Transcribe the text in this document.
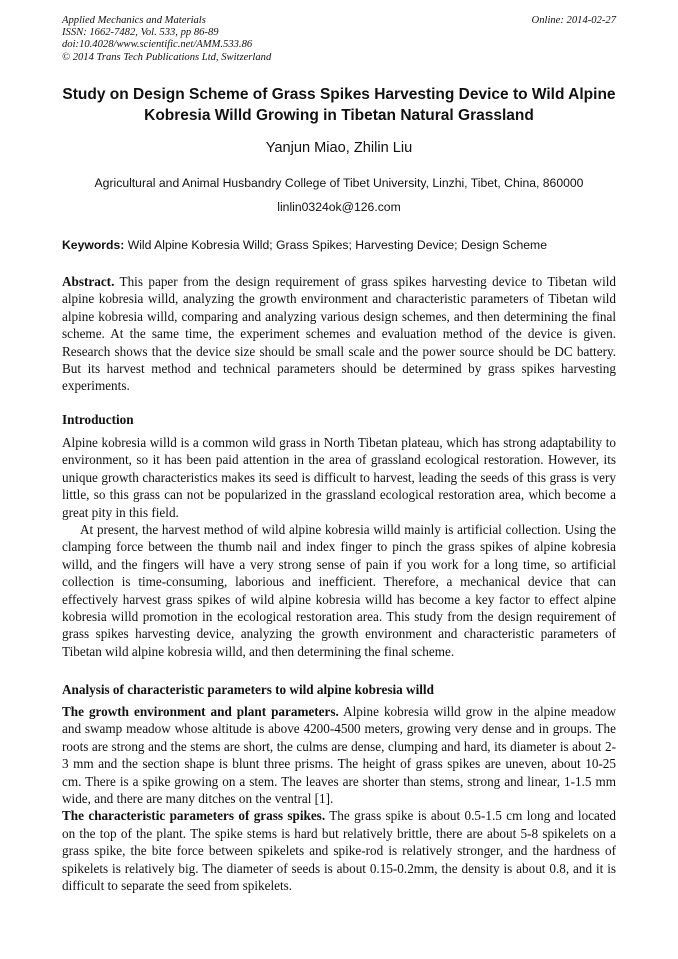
Applied Mechanics and Materials
ISSN: 1662-7482, Vol. 533, pp 86-89
doi:10.4028/www.scientific.net/AMM.533.86
© 2014 Trans Tech Publications Ltd, Switzerland
Online: 2014-02-27
Study on Design Scheme of Grass Spikes Harvesting Device to Wild Alpine Kobresia Willd Growing in Tibetan Natural Grassland
Yanjun Miao, Zhilin Liu
Agricultural and Animal Husbandry College of Tibet University, Linzhi, Tibet, China, 860000
linlin0324ok@126.com
Keywords: Wild Alpine Kobresia Willd; Grass Spikes; Harvesting Device; Design Scheme
Abstract. This paper from the design requirement of grass spikes harvesting device to Tibetan wild alpine kobresia willd, analyzing the growth environment and characteristic parameters of Tibetan wild alpine kobresia willd, comparing and analyzing various design schemes, and then determining the final scheme. At the same time, the experiment schemes and evaluation method of the device is given. Research shows that the device size should be small scale and the power source should be DC battery. But its harvest method and technical parameters should be determined by grass spikes harvesting experiments.
Introduction

Alpine kobresia willd is a common wild grass in North Tibetan plateau, which has strong adaptability to environment, so it has been paid attention in the area of grassland ecological restoration. However, its unique growth characteristics makes its seed is difficult to harvest, leading the seeds of this grass is very little, so this grass can not be popularized in the grassland ecological restoration area, which become a great pity in this field.

At present, the harvest method of wild alpine kobresia willd mainly is artificial collection. Using the clamping force between the thumb nail and index finger to pinch the grass spikes of alpine kobresia willd, and the fingers will have a very strong sense of pain if you work for a long time, so artificial collection is time-consuming, laborious and inefficient. Therefore, a mechanical device that can effectively harvest grass spikes of wild alpine kobresia willd has become a key factor to effect alpine kobresia willd promotion in the ecological restoration area. This study from the design requirement of grass spikes harvesting device, analyzing the growth environment and characteristic parameters of Tibetan wild alpine kobresia willd, and then determining the final scheme.

Analysis of characteristic parameters to wild alpine kobresia willd

The growth environment and plant parameters. Alpine kobresia willd grow in the alpine meadow and swamp meadow whose altitude is above 4200-4500 meters, growing very dense and in groups. The roots are strong and the stems are short, the culms are dense, clumping and hard, its diameter is about 2-3 mm and the section shape is blunt three prisms. The height of grass spikes are uneven, about 10-25 cm. There is a spike growing on a stem. The leaves are shorter than stems, strong and linear, 1-1.5 mm wide, and there are many ditches on the ventral [1].

The characteristic parameters of grass spikes. The grass spike is about 0.5-1.5 cm long and located on the top of the plant. The spike stems is hard but relatively brittle, there are about 5-8 spikelets on a grass spike, the bite force between spikelets and spike-rod is relatively stronger, and the hardness of spikelets is relatively big. The diameter of seeds is about 0.15-0.2mm, the density is about 0.8, and it is difficult to separate the seed from spikelets.
